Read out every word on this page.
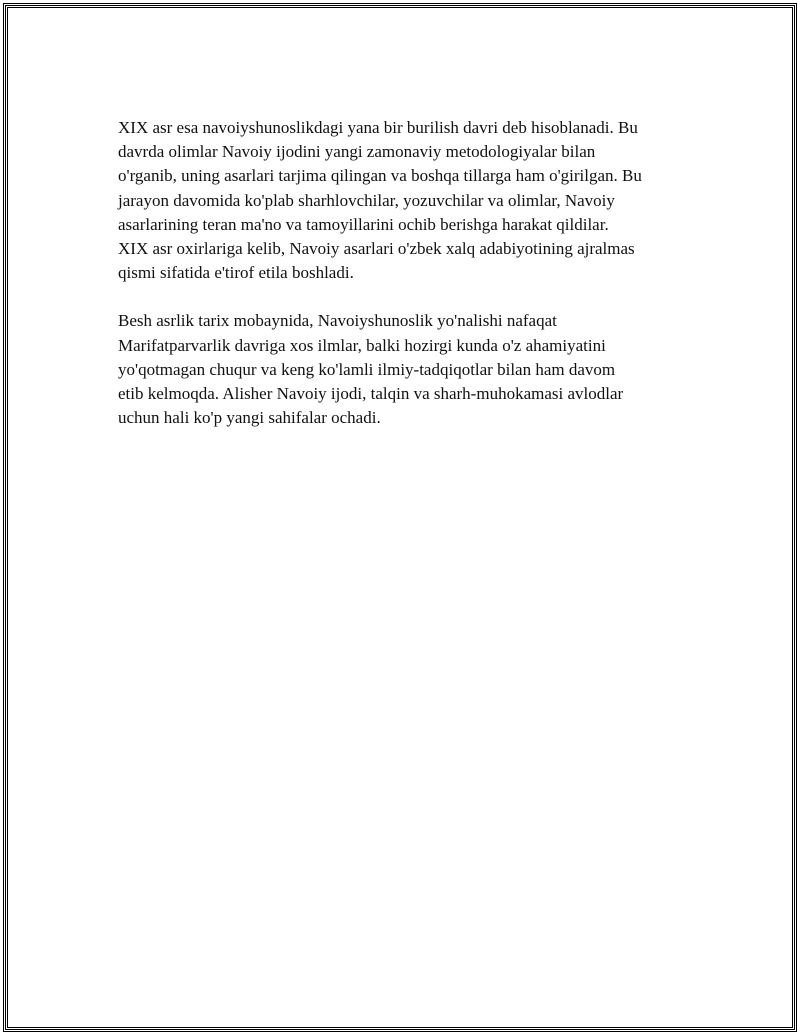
XIX asr esa navoiyshunoslikdagi yana bir burilish davri deb hisoblanadi. Bu
davrda olimlar Navoiy ijodini yangi zamonaviy metodologiyalar bilan
o'rganib, uning asarlari tarjima qilingan va boshqa tillarga ham o'girilgan. Bu
jarayon davomida ko'plab sharhlovchilar, yozuvchilar va olimlar, Navoiy
asarlarining teran ma'no va tamoyillarini ochib berishga harakat qildilar.
XIX asr oxirlariga kelib, Navoiy asarlari o'zbek xalq adabiyotining ajralmas
qismi sifatida e'tirof etila boshladi.

Besh asrlik tarix mobaynida, Navoiyshunoslik yo'nalishi nafaqat
Marifatparvarlik davriga xos ilmlar, balki hozirgi kunda o'z ahamiyatini
yo'qotmagan chuqur va keng ko'lamli ilmiy-tadqiqotlar bilan ham davom
etib kelmoqda. Alisher Navoiy ijodi, talqin va sharh-muhokamasi avlodlar
uchun hali ko'p yangi sahifalar ochadi.
